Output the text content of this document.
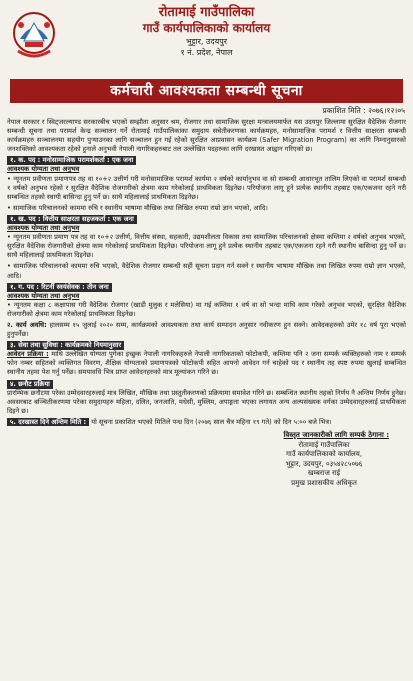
रोतामाई गाउँपालिका
गाउँ कार्यपालिकाको कार्यालय
भुट्टार, उदयपुर
१ नं. प्रदेश, नेपाल
कर्मचारी आवश्यकता सम्बन्धी सूचना
प्रकाशित मिति : २०७६।१२।०५

नेपाल सरकार र स्विट्जरल्याण्ड सरकारबीच भएको सम्झौता अनुसार श्रम, रोजगार तथा सामाजिक सुरक्षा मन्त्रालयमार्फत यस उदयपुर जिल्लामा सुरक्षित वैदेशिक रोजगार सम्बन्धी सूचना तथा परामर्श केन्द्र सञ्चालन गर्ने रोतामाई गाउँपालिकाका समुदाय सचेतीकरणका कार्यक्रमहरु, मनोसामाजिक परामर्श र वित्तीय साक्षरता सम्बन्धी कार्यक्रमहरु सञ्चालनमा सहयोग पुऱ्याउनका लागि सञ्चालन हुन गई रहेको सुरक्षित आप्रवासन कार्यक्रम (Safer Migration Program) का लागि निम्नानुसारको जनशक्तिको आवश्यकता रहेको हुनाले अनुभवी नेपाली नागरिकहरुबाट तल उल्लेखित पदहरुका लागि दरखास्त आह्वान गरिएको छ।

१. क. पद : मनोसामाजिक परामर्शकर्ता : एक जना
आवश्यक योग्यता तथा अनुभव

• न्यूनतम प्रवीणता प्रमाणपत्र तह वा १०+२ उत्तीर्ण गरी मनोसामाजिक परामर्श कार्यमा २ वर्षको कार्यानुभव वा सो सम्बन्धी आधारभूत तालिम लिएको वा परामर्श सम्बन्धी १ वर्षको अनुभव रहेको र सुरक्षित वैदेशिक रोजगारीको क्षेत्रमा काम गरेकोलाई प्राथमिकता दिइनेछ। परियोजना लागू हुने प्रत्येक स्थानीय तहबाट एक/एकजना रहने गरी सम्बन्धित तहको स्थायी बासिन्दा हुनु पर्ने छ। साथै महिलालाई प्राथमिकता दिइनेछ।

• सामाजिक परिचालनको काममा रुचि र स्थानीय भाषामा मौखिक तथा लिखित रुपमा राम्रो ज्ञान भएको, आदि।

१. ख. पद : वित्तीय साक्षरता सहजकर्ता : एक जना
आवश्यक योग्यता तथा अनुभव

• न्यूनतम प्रवीणता प्रमाण पत्र तह वा १०+२ उत्तीर्ण, वित्तीय संस्था, सहकारी, उद्यमशीलता विकास तथा सामाजिक परिचालनको क्षेत्रमा कम्तिमा २ वर्षको अनुभव भएको, सुरक्षित वैदेशिक रोजगारीको क्षेत्रमा काम गरेकोलाई प्राथमिकता दिइनेछ। परियोजना लागू हुने प्रत्येक स्थानीय तहबाट एक/एकजना रहने गरी स्थानीय बासिन्दा हुनु पर्ने छ। साथै महिलालाई प्राथमिकता दिइनेछ।

• सामाजिक परिचालनको काममा रुचि भएको, वैदेशिक रोजगार सम्बन्धी सही सूचना प्रदान गर्न सक्ने र स्थानीय भाषामा मौखिक तथा लिखित रुपमा राम्रो ज्ञान भएको, आदि।

१. ग. पद : रिटर्नी स्वयंसेवक : तीन जना
आवश्यक योग्यता तथा अनुभव

• न्यूनतम कक्षा ८ कक्षापास गरी वैदेशिक रोजगार (खाडी मुलुक र मलेसिया) मा गई कम्तिमा १ वर्ष वा सो भन्दा माथि काम गरेको अनुभव भएको, सुरक्षित वैदेशिक रोजगारीको क्षेत्रमा काम गरेकोलाई प्राथमिकता दिइनेछ।

२. कार्य अवधि: हालसम्म १५ जुलाई २०२० सम्म, कार्यक्रमको आवश्यकता तथा कार्य सम्पादन अनुसार नवीकरण हुन सक्ने। आवेदकहरुको उमेर १८ वर्ष पूरा भएको हुनुपर्नेछ।

३. सेवा तथा सुविधा : कार्यक्रमको नियमानुसार

आवेदन प्रक्रिया : माथि उल्लेखित योग्यता पुगेका इच्छुक नेपाली नागरिकहरुले नेपाली नागरिकताको फोटोकपी, कम्तिमा पनि २ जना सम्पर्क व्यक्तिहरुको नाम र सम्पर्क फोन नम्बर सहितको व्यक्तिगत विवरण, शैक्षिक योग्यताको प्रमाणपत्रको फोटोकपी सहित आफ्नो आवेदन गर्न चाहेको पद र स्थानीय तह स्पष्ट रुपमा खुलाई सम्बन्धित स्थानीय तहमा पेश गर्नु पर्नेछ। समयावधि भित्र प्राप्त आवेदनहरुको मात्र मूल्यांकन गरिने छ।

४. छनौट प्रक्रिया

प्रारम्भिक छनौटमा परेका उम्मेदवारहरुलाई मात्र लिखित, मौखिक तथा प्रस्तुतीकरणको प्रक्रियामा समावेश गरिने छ। सम्बन्धित स्थानीय तहको निर्णय नै अन्तिम निर्णय हुनेछ। अवसरबाट बञ्चितीकरणमा परेका समुदायहरु महिला, दलित, जनजाति, मधेसी, मुस्लिम, अपाङ्गता भएका लगायत अन्य अल्पसंख्यक वर्गका उम्मेदवारहरुलाई प्राथमिकता दिइने छ।

५. दरखास्त दिने अन्तिम मिति : यो सूचना प्रकाशित भएको मितिले पन्ध्र दिन (२०७६ साल चैत्र महिना १९ गते) को दिन ५:०० बजे भित्र।

विस्तृत जानकारीको लागि सम्पर्क ठेगाना :
रोतामाई गाउँपालिका
गाउँ कार्यपालिकाको कार्यालय,
भुट्टार, उदयपुर, ०३५४२८५०७६
खम्बराज राई
प्रमुख प्रशासकीय अधिकृत
